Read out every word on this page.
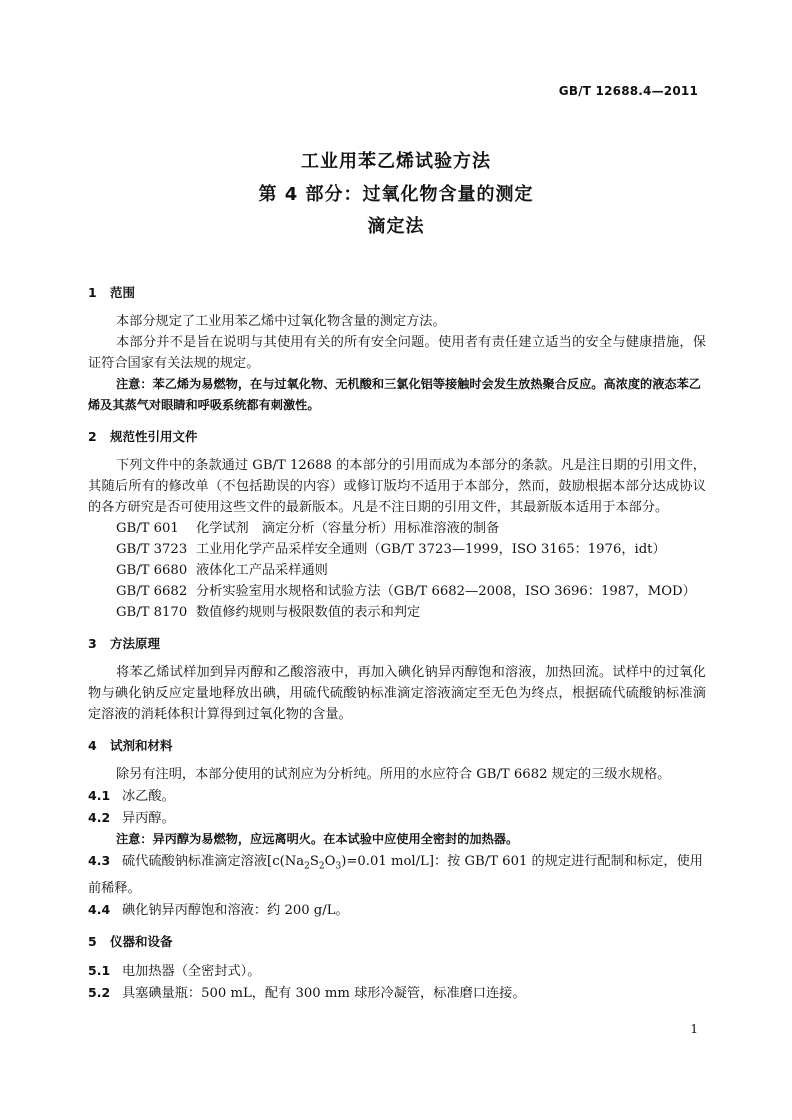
GB/T 12688.4—2011
工业用苯乙烯试验方法
第 4 部分：过氧化物含量的测定
滴定法
1 范围

本部分规定了工业用苯乙烯中过氧化物含量的测定方法。

本部分并不是旨在说明与其使用有关的所有安全问题。使用者有责任建立适当的安全与健康措施，保证符合国家有关法规的规定。

注意：苯乙烯为易燃物，在与过氧化物、无机酸和三氯化铝等接触时会发生放热聚合反应。高浓度的液态苯乙烯及其蒸气对眼睛和呼吸系统都有刺激性。

2 规范性引用文件

下列文件中的条款通过 GB/T 12688 的本部分的引用而成为本部分的条款。凡是注日期的引用文件，其随后所有的修改单（不包括勘误的内容）或修订版均不适用于本部分，然而，鼓励根据本部分达成协议的各方研究是否可使用这些文件的最新版本。凡是不注日期的引用文件，其最新版本适用于本部分。

GB/T 601 化学试剂　滴定分析（容量分析）用标准溶液的制备

GB/T 3723 工业用化学产品采样安全通则（GB/T 3723—1999，ISO 3165：1976，idt）

GB/T 6680 液体化工产品采样通则

GB/T 6682 分析实验室用水规格和试验方法（GB/T 6682—2008，ISO 3696：1987，MOD）

GB/T 8170 数值修约规则与极限数值的表示和判定

3 方法原理

将苯乙烯试样加到异丙醇和乙酸溶液中，再加入碘化钠异丙醇饱和溶液，加热回流。试样中的过氧化物与碘化钠反应定量地释放出碘，用硫代硫酸钠标准滴定溶液滴定至无色为终点，根据硫代硫酸钠标准滴定溶液的消耗体积计算得到过氧化物的含量。

4 试剂和材料

除另有注明，本部分使用的试剂应为分析纯。所用的水应符合 GB/T 6682 规定的三级水规格。

4.1 冰乙酸。

4.2 异丙醇。

注意：异丙醇为易燃物，应远离明火。在本试验中应使用全密封的加热器。

4.3 硫代硫酸钠标准滴定溶液[$c(Na_2S_2O_3)=0.01$ mol/L]：按 GB/T 601 的规定进行配制和标定，使用前稀释。

4.4 碘化钠异丙醇饱和溶液：约 200 g/L。

5 仪器和设备

5.1 电加热器（全密封式）。

5.2 具塞碘量瓶：500 mL，配有 300 mm 球形冷凝管，标准磨口连接。

1
